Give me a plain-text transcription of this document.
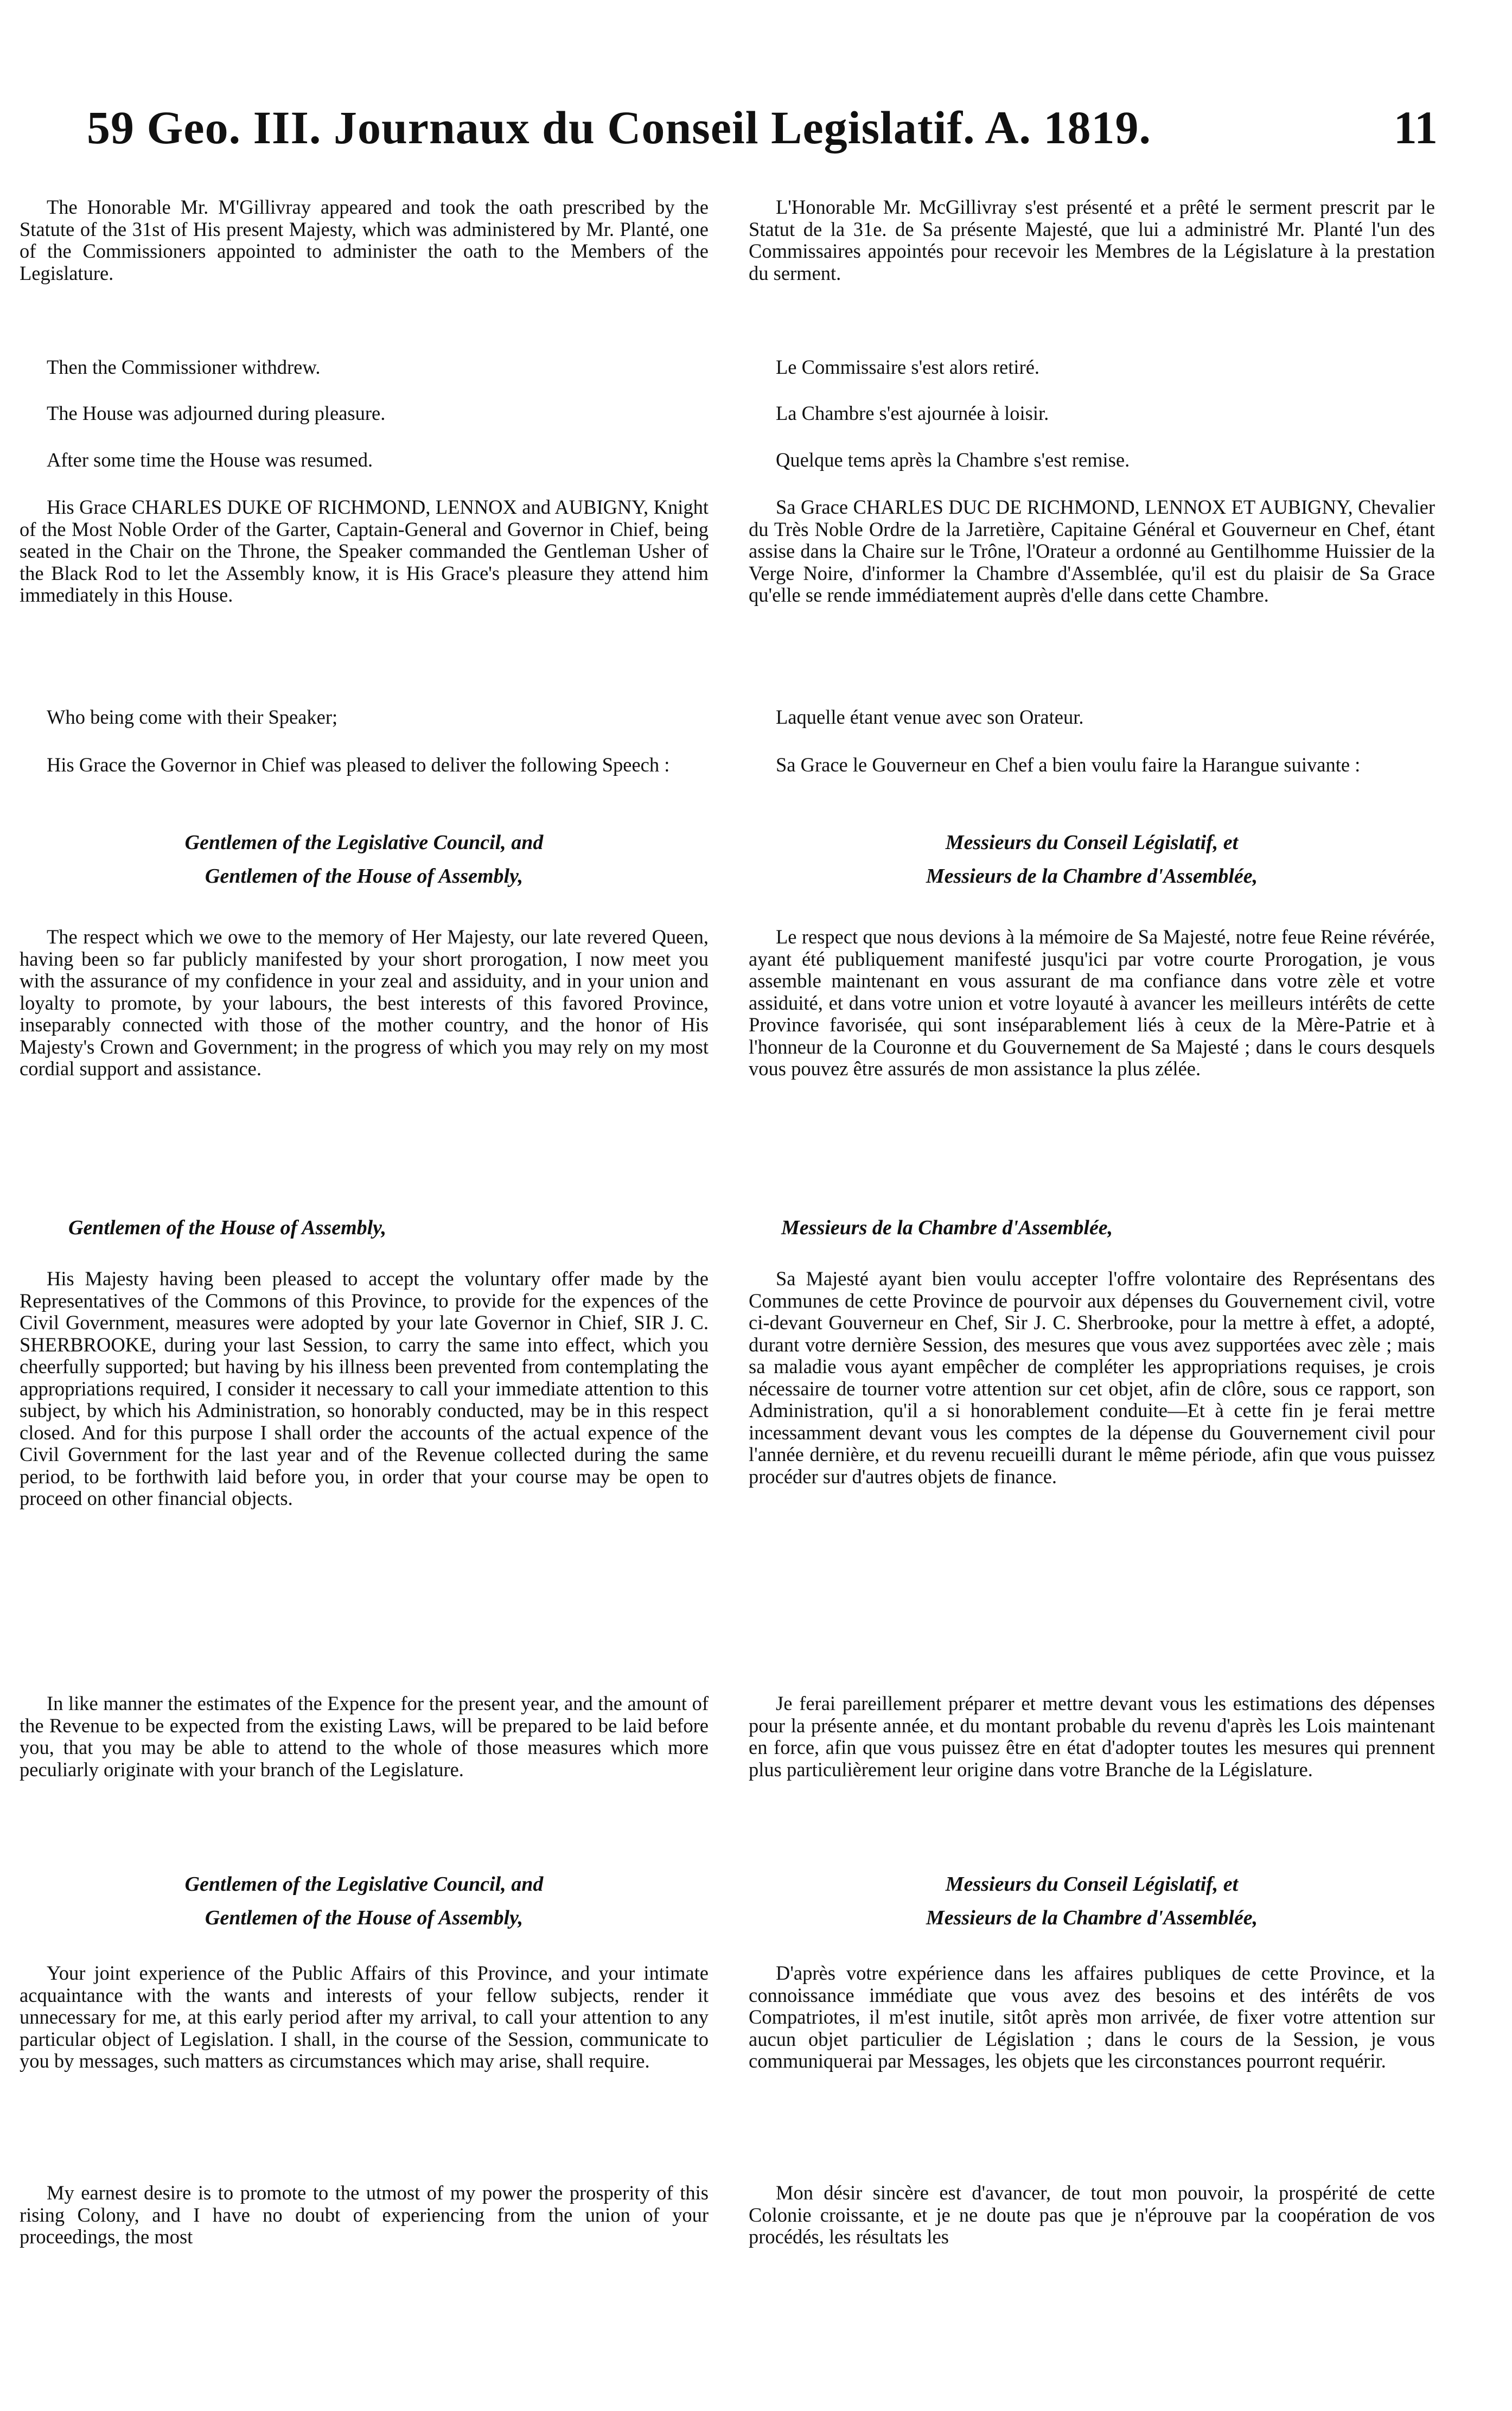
59 Geo. III. Journaux du Conseil Legislatif. A. 1819.	11

The Honorable Mr. M'Gillivray appeared and took the oath prescribed by the Statute of the 31st of His present Majesty, which was administered by Mr. Planté, one of the Commissioners appointed to administer the oath to the Members of the Legislature.

Then the Commissioner withdrew.

The House was adjourned during pleasure.

After some time the House was resumed.

His Grace CHARLES DUKE OF RICHMOND, LENNOX and AUBIGNY, Knight of the Most Noble Order of the Garter, Captain-General and Governor in Chief, being seated in the Chair on the Throne, the Speaker commanded the Gentleman Usher of the Black Rod to let the Assembly know, it is His Grace's pleasure they attend him immediately in this House.

Who being come with their Speaker;

His Grace the Governor in Chief was pleased to deliver the following Speech :

Gentlemen of the Legislative Council, and
Gentlemen of the House of Assembly,

The respect which we owe to the memory of Her Majesty, our late revered Queen, having been so far publicly manifested by your short prorogation, I now meet you with the assurance of my confidence in your zeal and assiduity, and in your union and loyalty to promote, by your labours, the best interests of this favored Province, inseparably connected with those of the mother country, and the honor of His Majesty's Crown and Government; in the progress of which you may rely on my most cordial support and assistance.

Gentlemen of the House of Assembly,

His Majesty having been pleased to accept the voluntary offer made by the Representatives of the Commons of this Province, to provide for the expences of the Civil Government, measures were adopted by your late Governor in Chief, SIR J. C. SHERBROOKE, during your last Session, to carry the same into effect, which you cheerfully supported; but having by his illness been prevented from contemplating the appropriations required, I consider it necessary to call your immediate attention to this subject, by which his Administration, so honorably conducted, may be in this respect closed. And for this purpose I shall order the accounts of the actual expence of the Civil Government for the last year and of the Revenue collected during the same period, to be forthwith laid before you, in order that your course may be open to proceed on other financial objects.

In like manner the estimates of the Expence for the present year, and the amount of the Revenue to be expected from the existing Laws, will be prepared to be laid before you, that you may be able to attend to the whole of those measures which more peculiarly originate with your branch of the Legislature.

Gentlemen of the Legislative Council, and
Gentlemen of the House of Assembly,

Your joint experience of the Public Affairs of this Province, and your intimate acquaintance with the wants and interests of your fellow subjects, render it unnecessary for me, at this early period after my arrival, to call your attention to any particular object of Legislation. I shall, in the course of the Session, communicate to you by messages, such matters as circumstances which may arise, shall require.

My earnest desire is to promote to the utmost of my power the prosperity of this rising Colony, and I have no doubt of experiencing from the union of your proceedings, the most

L'Honorable Mr. McGillivray s'est présenté et a prêté le serment prescrit par le Statut de la 31e. de Sa présente Majesté, que lui a administré Mr. Planté l'un des Commissaires appointés pour recevoir les Membres de la Législature à la prestation du serment.

Le Commissaire s'est alors retiré.

La Chambre s'est ajournée à loisir.

Quelque tems après la Chambre s'est remise.

Sa Grace CHARLES DUC DE RICHMOND, LENNOX ET AUBIGNY, Chevalier du Très Noble Ordre de la Jarretière, Capitaine Général et Gouverneur en Chef, étant assise dans la Chaire sur le Trône, l'Orateur a ordonné au Gentilhomme Huissier de la Verge Noire, d'informer la Chambre d'Assemblée, qu'il est du plaisir de Sa Grace qu'elle se rende immédiatement auprès d'elle dans cette Chambre.

Laquelle étant venue avec son Orateur.

Sa Grace le Gouverneur en Chef a bien voulu faire la Harangue suivante :

Messieurs du Conseil Législatif, et
Messieurs de la Chambre d'Assemblée,

Le respect que nous devions à la mémoire de Sa Majesté, notre feue Reine révérée, ayant été publiquement manifesté jusqu'ici par votre courte Prorogation, je vous assemble maintenant en vous assurant de ma confiance dans votre zèle et votre assiduité, et dans votre union et votre loyauté à avancer les meilleurs intérêts de cette Province favorisée, qui sont inséparablement liés à ceux de la Mère-Patrie et à l'honneur de la Couronne et du Gouvernement de Sa Majesté ; dans le cours desquels vous pouvez être assurés de mon assistance la plus zélée.

Messieurs de la Chambre d'Assemblée,

Sa Majesté ayant bien voulu accepter l'offre volontaire des Représentans des Communes de cette Province de pourvoir aux dépenses du Gouvernement civil, votre ci-devant Gouverneur en Chef, Sir J. C. Sherbrooke, pour la mettre à effet, a adopté, durant votre dernière Session, des mesures que vous avez supportées avec zèle ; mais sa maladie vous ayant empêcher de compléter les appropriations requises, je crois nécessaire de tourner votre attention sur cet objet, afin de clôre, sous ce rapport, son Administration, qu'il a si honorablement conduite—Et à cette fin je ferai mettre incessamment devant vous les comptes de la dépense du Gouvernement civil pour l'année dernière, et du revenu recueilli durant le même période, afin que vous puissez procéder sur d'autres objets de finance.

Je ferai pareillement préparer et mettre devant vous les estimations des dépenses pour la présente année, et du montant probable du revenu d'après les Lois maintenant en force, afin que vous puissez être en état d'adopter toutes les mesures qui prennent plus particulièrement leur origine dans votre Branche de la Législature.

Messieurs du Conseil Législatif, et
Messieurs de la Chambre d'Assemblée,

D'après votre expérience dans les affaires publiques de cette Province, et la connoissance immédiate que vous avez des besoins et des intérêts de vos Compatriotes, il m'est inutile, sitôt après mon arrivée, de fixer votre attention sur aucun objet particulier de Législation ; dans le cours de la Session, je vous communiquerai par Messages, les objets que les circonstances pourront requérir.

Mon désir sincère est d'avancer, de tout mon pouvoir, la prospérité de cette Colonie croissante, et je ne doute pas que je n'éprouve par la coopération de vos procédés, les résultats les
